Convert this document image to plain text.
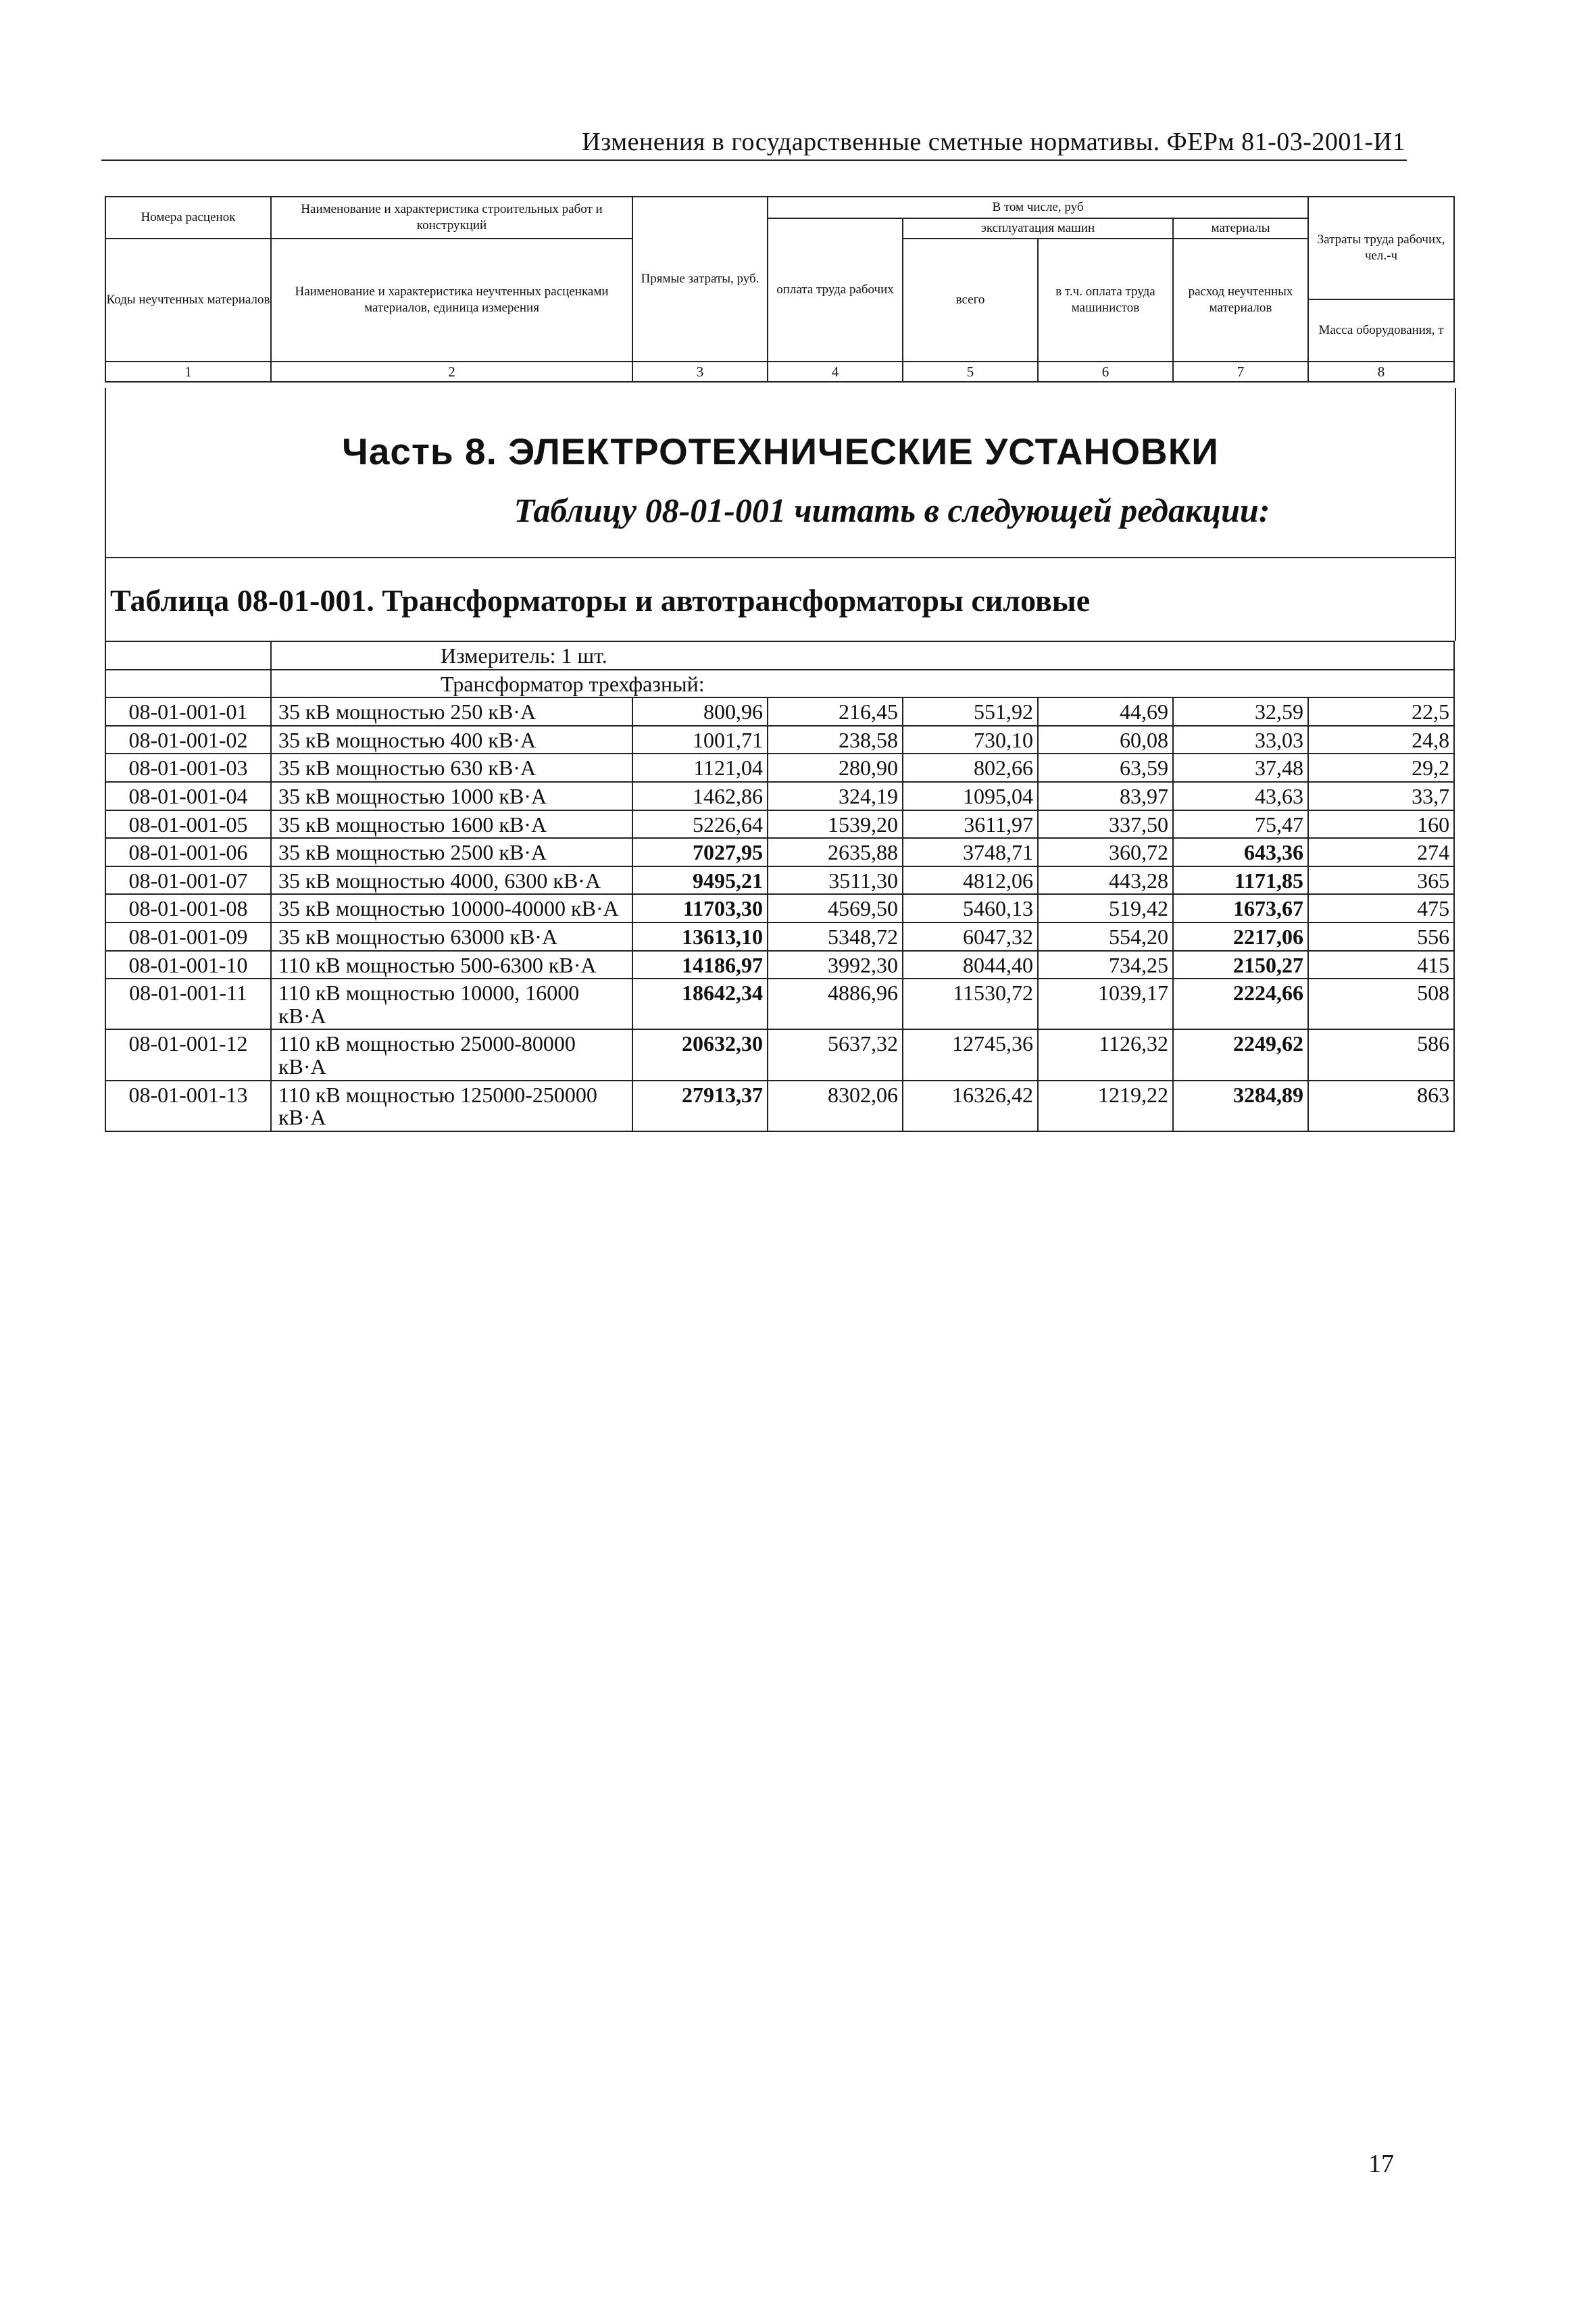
Изменения в государственные сметные нормативы. ФЕРм 81-03-2001-И1
Номера расценок	Наименование и характеристика строительных работ и конструкций	Прямые затраты, руб.	В том числе, руб				Затраты труда рабочих, чел.-ч
			оплата труда рабочих	эксплуатация машин		материалы	
Коды неучтенных материалов	Наименование и характеристика неучтенных расценками материалов, единица измерения			всего	в т.ч. оплата труда машинистов	расход неучтенных материалов	
							Масса оборудования, т
1	2	3	4	5	6	7	8
Часть 8. ЭЛЕКТРОТЕХНИЧЕСКИЕ УСТАНОВКИ
Таблицу 08-01-001 читать в следующей редакции:
Таблица 08-01-001. Трансформаторы и автотрансформаторы силовые
	Измеритель: 1 шт.						
	Трансформатор трехфазный:						
08-01-001-01	35 кВ мощностью 250 кВ·А	800,96	216,45	551,92	44,69	32,59	22,5
08-01-001-02	35 кВ мощностью 400 кВ·А	1001,71	238,58	730,10	60,08	33,03	24,8
08-01-001-03	35 кВ мощностью 630 кВ·А	1121,04	280,90	802,66	63,59	37,48	29,2
08-01-001-04	35 кВ мощностью 1000 кВ·А	1462,86	324,19	1095,04	83,97	43,63	33,7
08-01-001-05	35 кВ мощностью 1600 кВ·А	5226,64	1539,20	3611,97	337,50	75,47	160
08-01-001-06	35 кВ мощностью 2500 кВ·А	7027,95	2635,88	3748,71	360,72	643,36	274
08-01-001-07	35 кВ мощностью 4000, 6300 кВ·А	9495,21	3511,30	4812,06	443,28	1171,85	365
08-01-001-08	35 кВ мощностью 10000-40000 кВ·А	11703,30	4569,50	5460,13	519,42	1673,67	475
08-01-001-09	35 кВ мощностью 63000 кВ·А	13613,10	5348,72	6047,32	554,20	2217,06	556
08-01-001-10	110 кВ мощностью 500-6300 кВ·А	14186,97	3992,30	8044,40	734,25	2150,27	415
08-01-001-11	110 кВ мощностью 10000, 16000 кВ·А	18642,34	4886,96	11530,72	1039,17	2224,66	508
08-01-001-12	110 кВ мощностью 25000-80000 кВ·А	20632,30	5637,32	12745,36	1126,32	2249,62	586
08-01-001-13	110 кВ мощностью 125000-250000 кВ·А	27913,37	8302,06	16326,42	1219,22	3284,89	863
17
